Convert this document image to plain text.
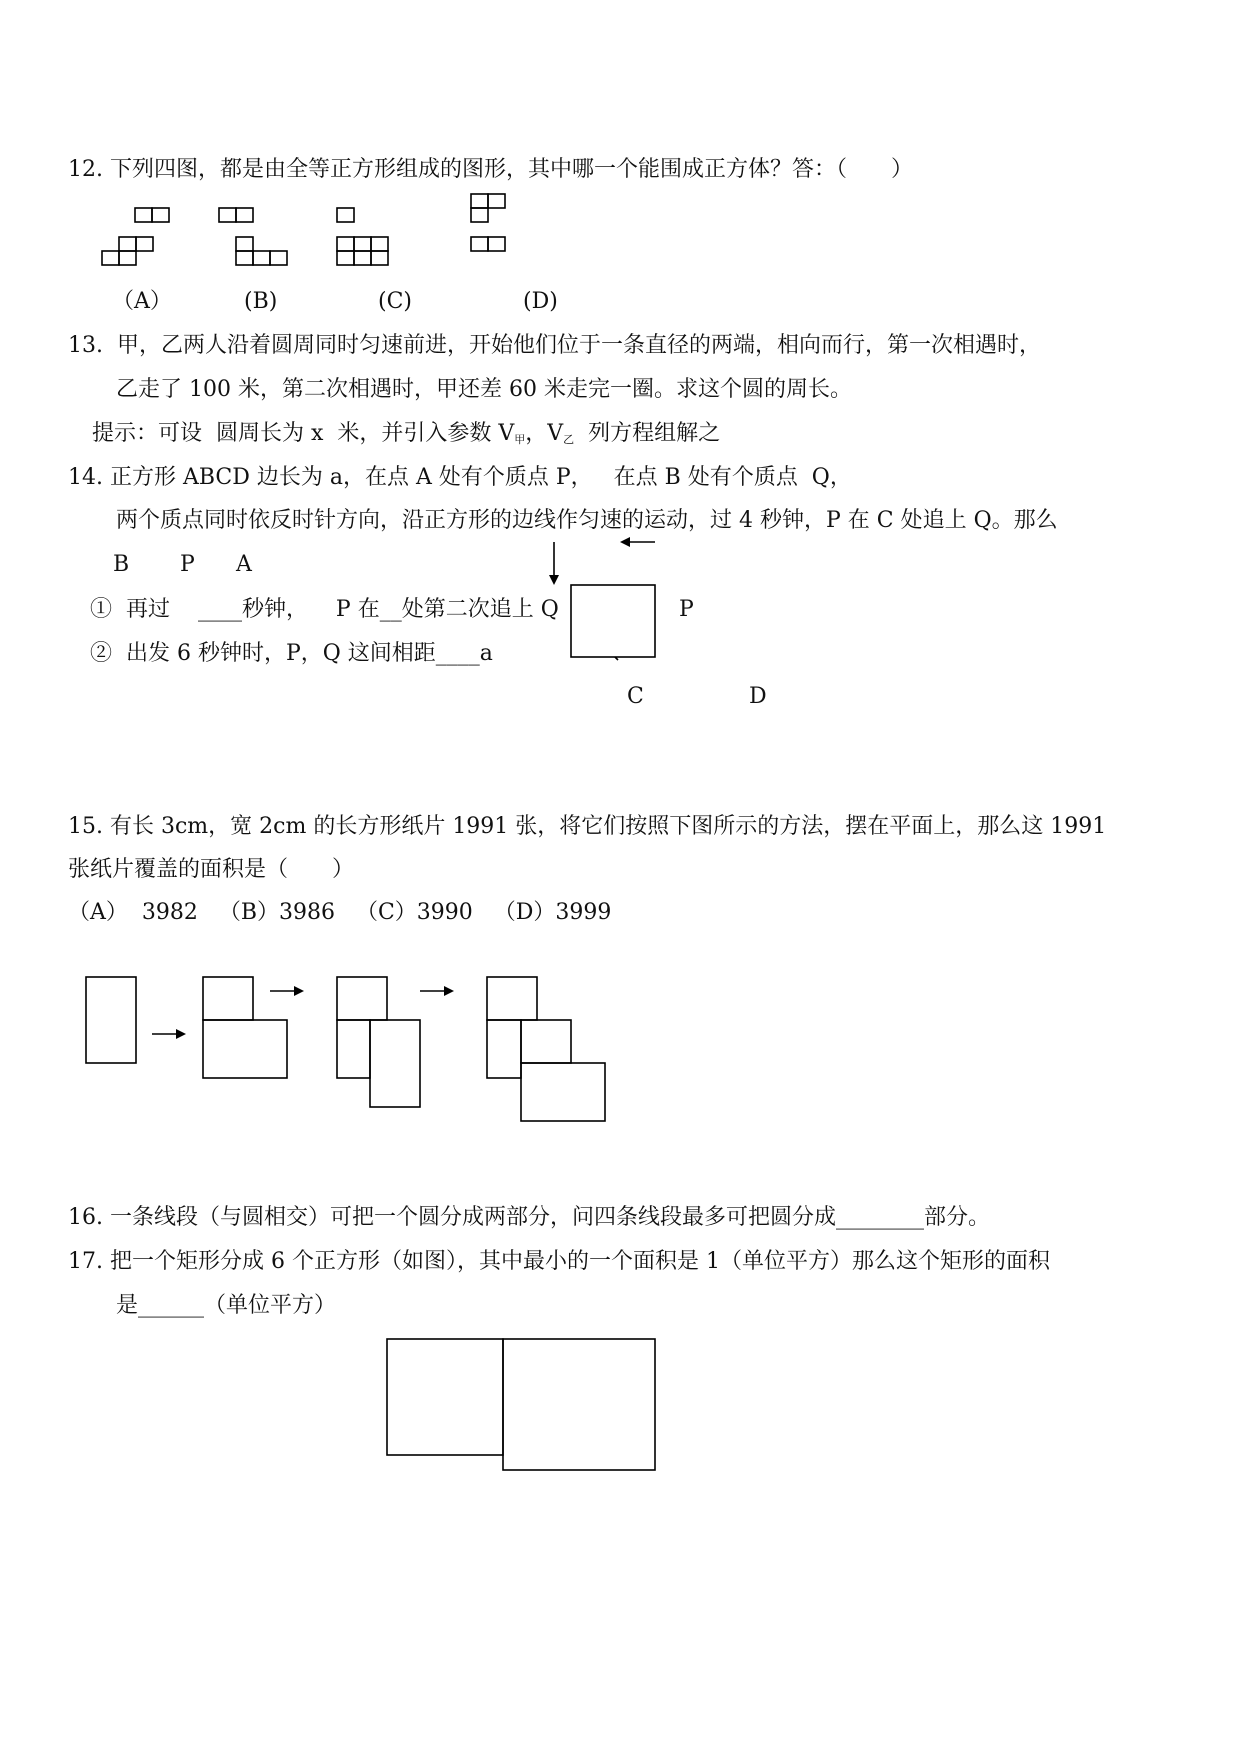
12. 下列四图，都是由全等正方形组成的图形，其中哪一个能围成正方体？答：（　　）
（A）	(B)	(C)	(D)
13.  甲，乙两人沿着圆周同时匀速前进，开始他们位于一条直径的两端，相向而行，第一次相遇时，
乙走了 100 米，第二次相遇时，甲还差 60 米走完一圈。求这个圆的周长。
提示：可设  圆周长为 x  米，并引入参数 V甲，V乙  列方程组解之
14. 正方形 ABCD 边长为 a，在点 A 处有个质点 P，   在点 B 处有个质点  Q，
两个质点同时依反时针方向，沿正方形的边线作匀速的运动，过 4 秒钟，P 在 C 处追上 Q。那么
B P A
①  再过    ____秒钟，    P 在__处第二次追上 Q
②  出发 6 秒钟时，P，Q 这间相距____a
P
C	D
15. 有长 3cm，宽 2cm 的长方形纸片 1991 张，将它们按照下图所示的方法，摆在平面上，那么这 1991
张纸片覆盖的面积是（　　）
（A）  3982   （B）3986   （C）3990   （D）3999
16. 一条线段（与圆相交）可把一个圆分成两部分，问四条线段最多可把圆分成________部分。
17. 把一个矩形分成 6 个正方形（如图），其中最小的一个面积是 1（单位平方）那么这个矩形的面积
是______（单位平方）
